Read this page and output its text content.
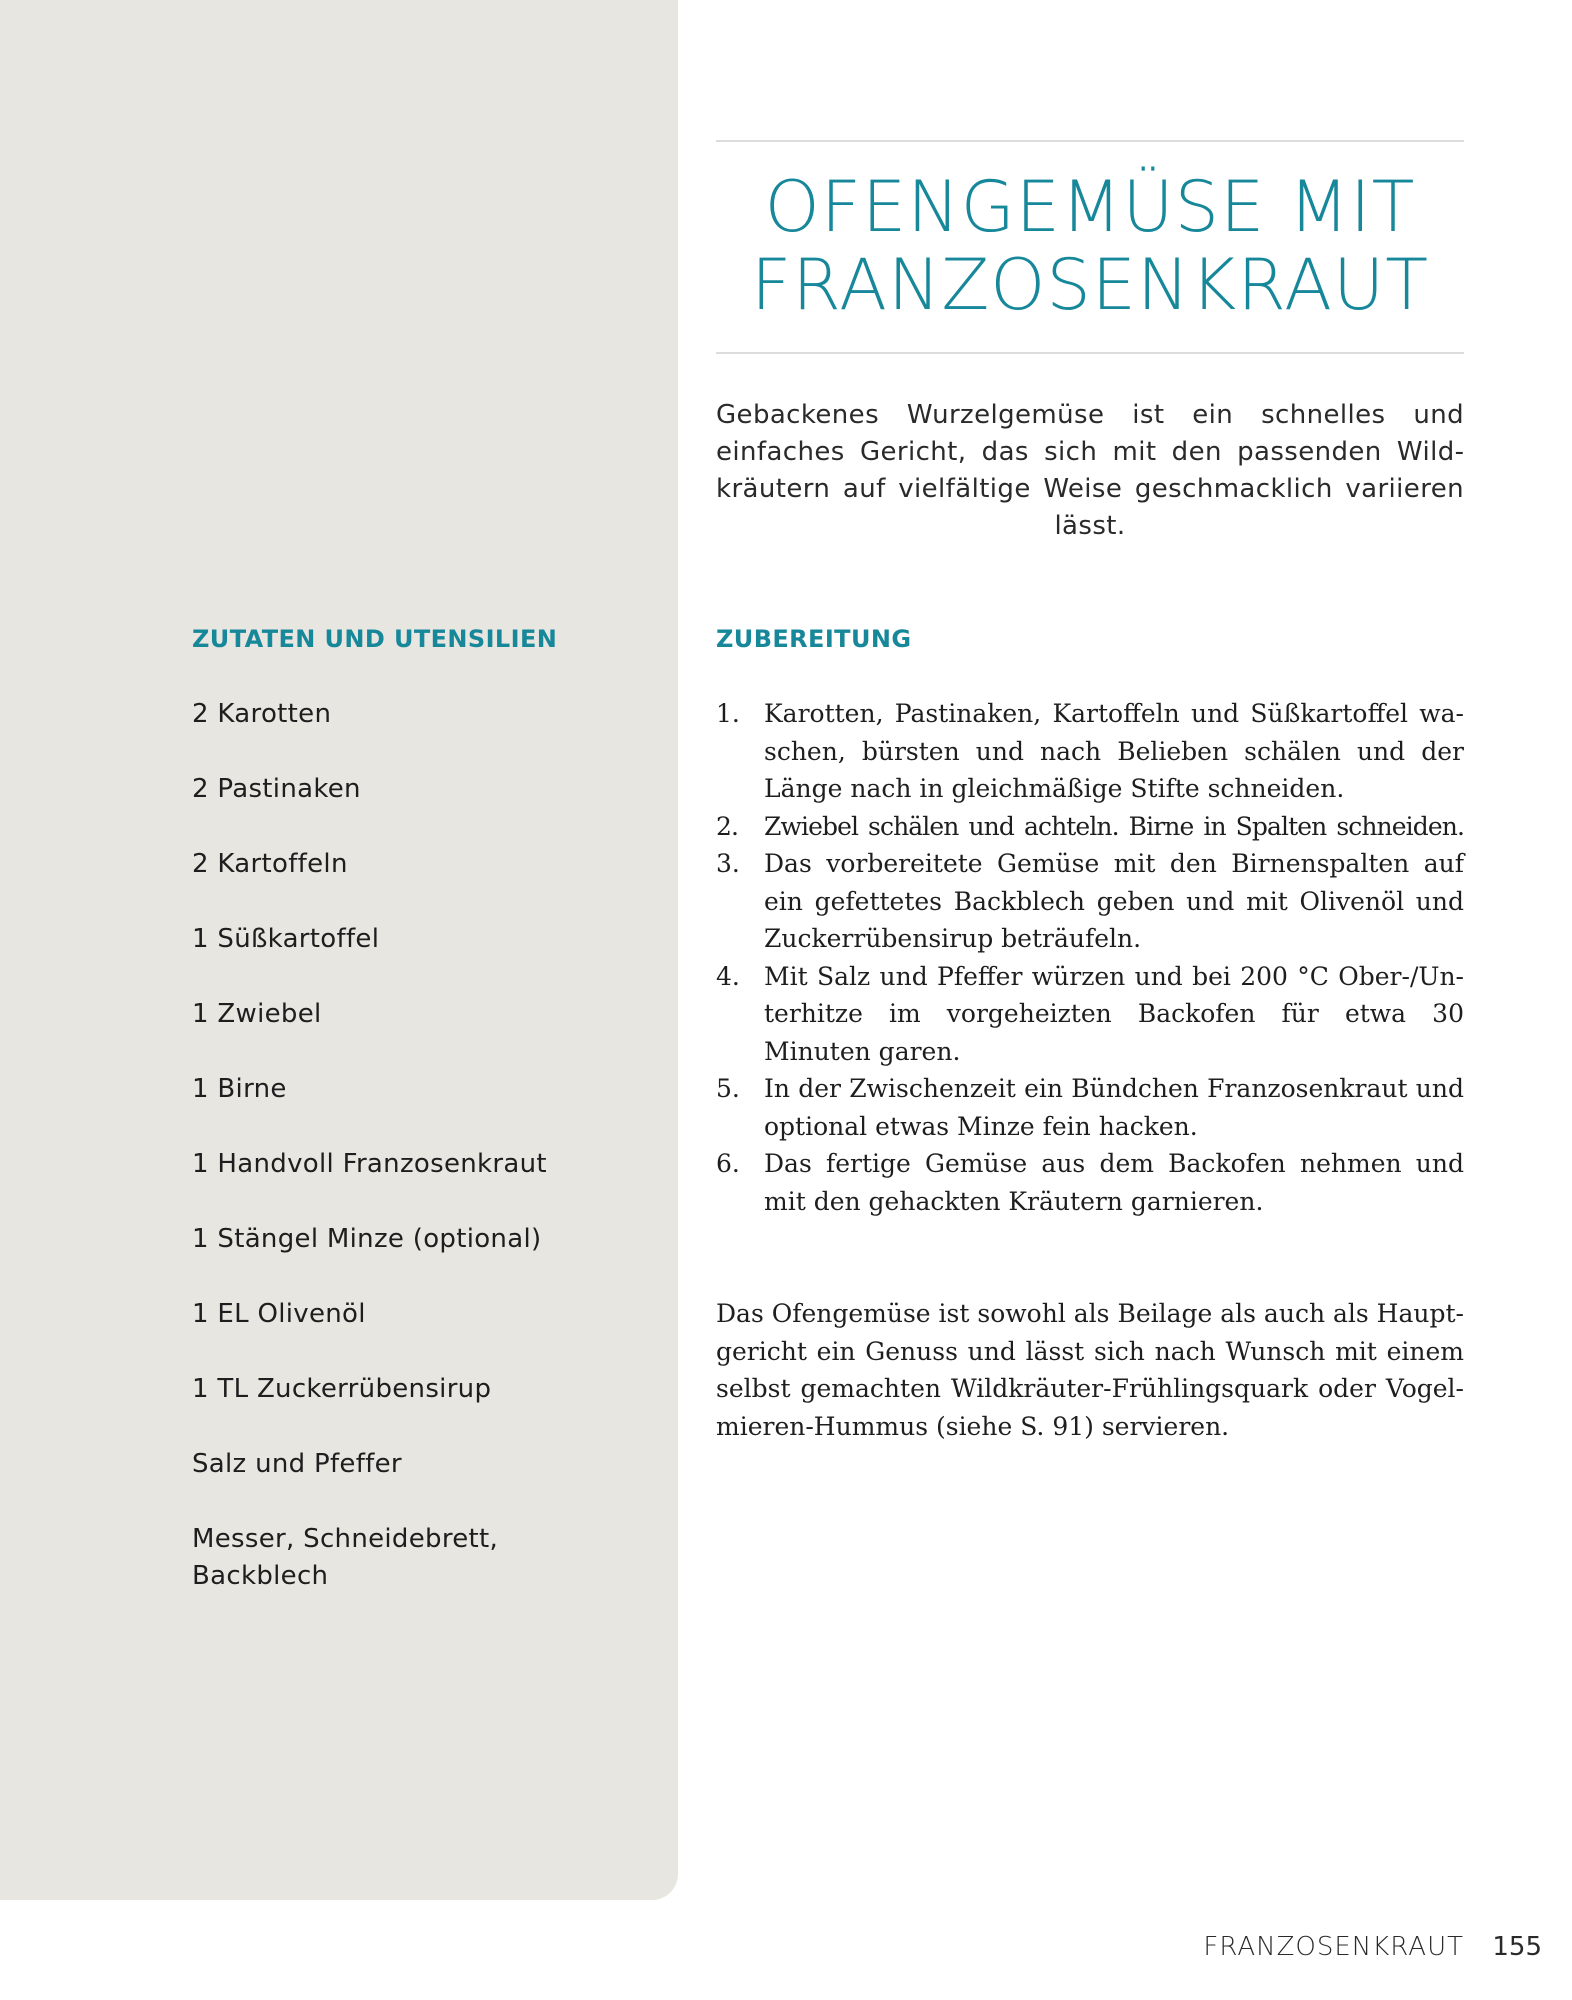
OFENGEMÜSE MIT
FRANZOSENKRAUT

Gebackenes Wurzelgemüse ist ein schnelles und einfaches Gericht, das sich mit den passenden Wildkräutern auf vielfältige Weise geschmacklich variieren lässt.

ZUTATEN UND UTENSILIEN	ZUBEREITUNG
2 Karotten
2 Pastinaken
2 Kartoffeln
1 Süßkartoffel
1 Zwiebel
1 Birne
1 Handvoll Franzosenkraut
1 Stängel Minze (optional)
1 EL Olivenöl
1 TL Zuckerrübensirup
Salz und Pfeffer
Messer, Schneidebrett, Backblech
1. Karotten, Pastinaken, Kartoffeln und Süßkartoffel waschen, bürsten und nach Belieben schälen und der Länge nach in gleichmäßige Stifte schneiden.
2. Zwiebel schälen und achteln. Birne in Spalten schneiden.
3. Das vorbereitete Gemüse mit den Birnenspalten auf ein gefettetes Backblech geben und mit Olivenöl und Zuckerrübensirup beträufeln.
4. Mit Salz und Pfeffer würzen und bei 200 °C Ober-/Unterhitze im vorgeheizten Backofen für etwa 30 Minuten garen.
5. In der Zwischenzeit ein Bündchen Franzosenkraut und optional etwas Minze fein hacken.
6. Das fertige Gemüse aus dem Backofen nehmen und mit den gehackten Kräutern garnieren.

Das Ofengemüse ist sowohl als Beilage als auch als Hauptgericht ein Genuss und lässt sich nach Wunsch mit einem selbst gemachten Wildkräuter-Frühlingsquark oder Vogelmieren-Hummus (siehe S. 91) servieren.

FRANZOSENKRAUT 155
